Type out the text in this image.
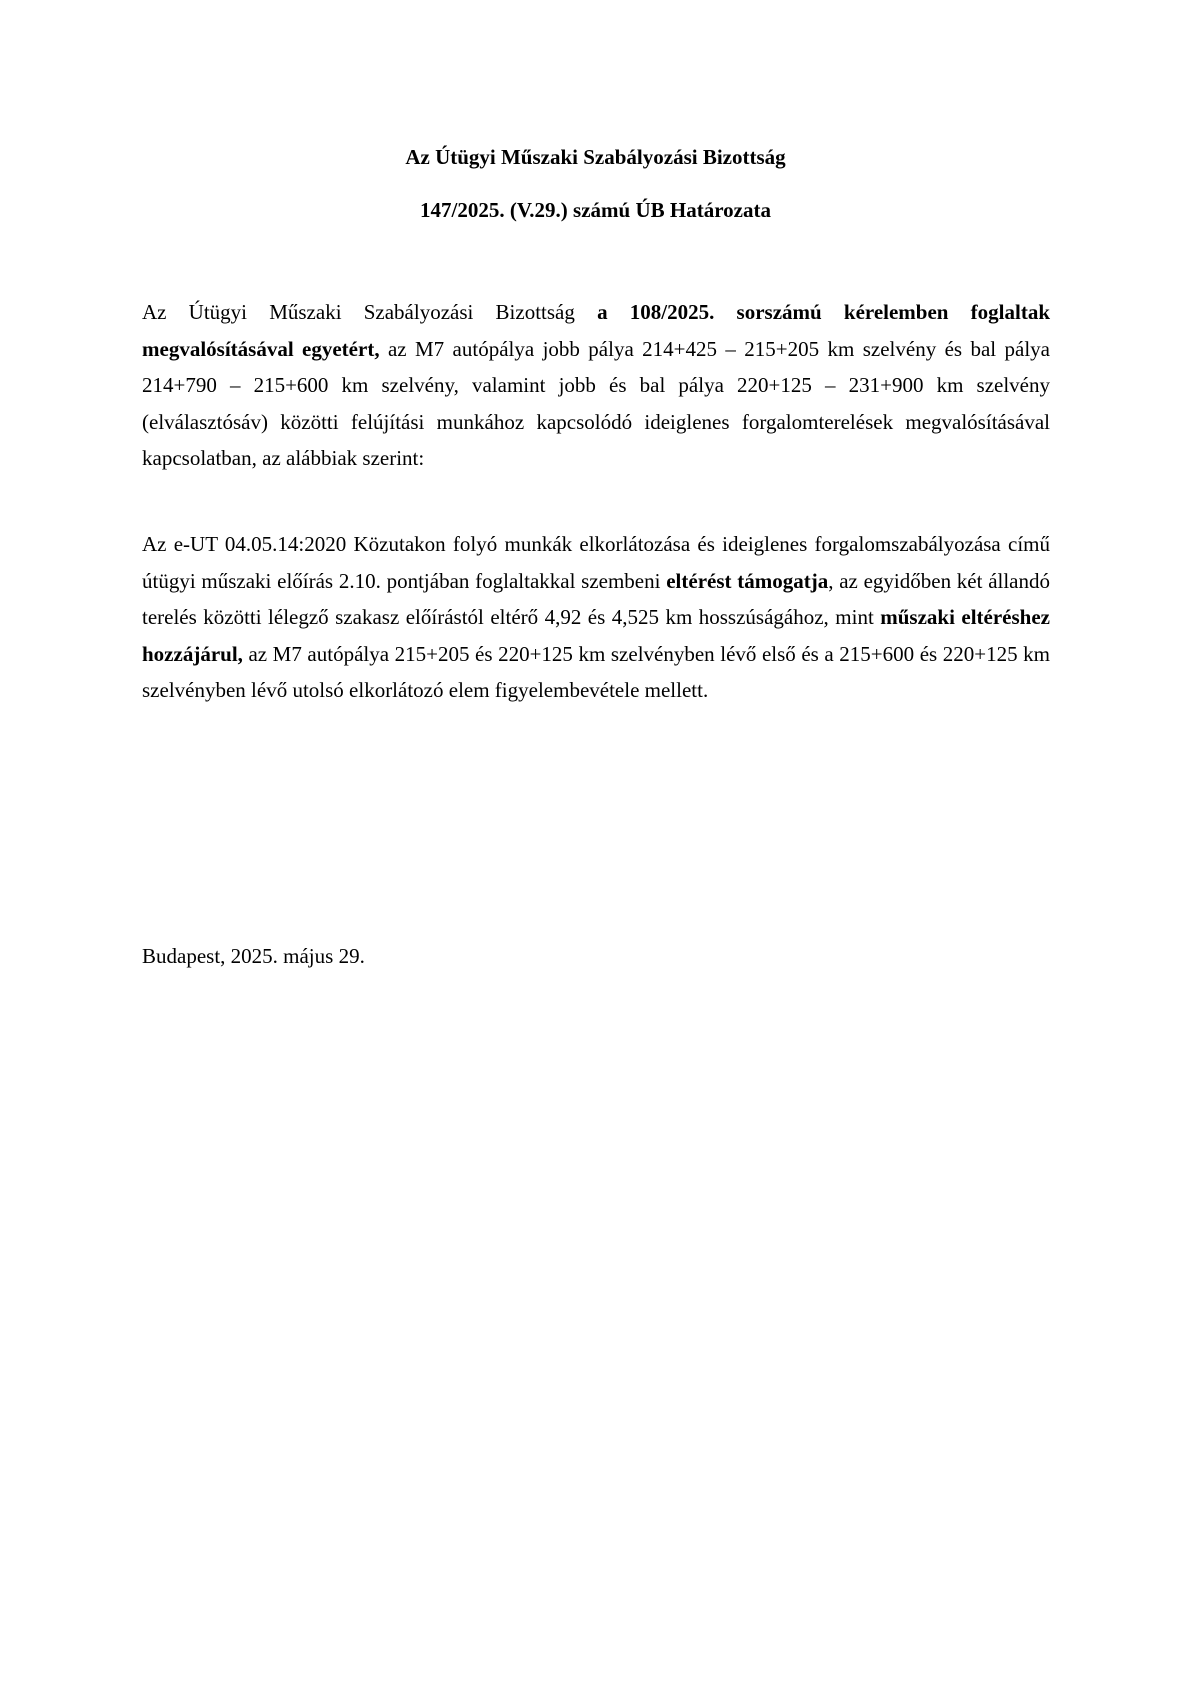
Az Útügyi Műszaki Szabályozási Bizottság
147/2025. (V.29.) számú ÚB Határozata

Az Útügyi Műszaki Szabályozási Bizottság a 108/2025. sorszámú kérelemben foglaltak megvalósításával egyetért, az M7 autópálya jobb pálya 214+425 – 215+205 km szelvény és bal pálya 214+790 – 215+600 km szelvény, valamint jobb és bal pálya 220+125 – 231+900 km szelvény (elválasztósáv) közötti felújítási munkához kapcsolódó ideiglenes forgalomterelések megvalósításával kapcsolatban, az alábbiak szerint:

Az e-UT 04.05.14:2020 Közutakon folyó munkák elkorlátozása és ideiglenes forgalomszabályozása című útügyi műszaki előírás 2.10. pontjában foglaltakkal szembeni eltérést támogatja, az egyidőben két állandó terelés közötti lélegző szakasz előírástól eltérő 4,92 és 4,525 km hosszúságához, mint műszaki eltéréshez hozzájárul, az M7 autópálya 215+205 és 220+125 km szelvényben lévő első és a 215+600 és 220+125 km szelvényben lévő utolsó elkorlátozó elem figyelembevétele mellett.

Budapest, 2025. május 29.
